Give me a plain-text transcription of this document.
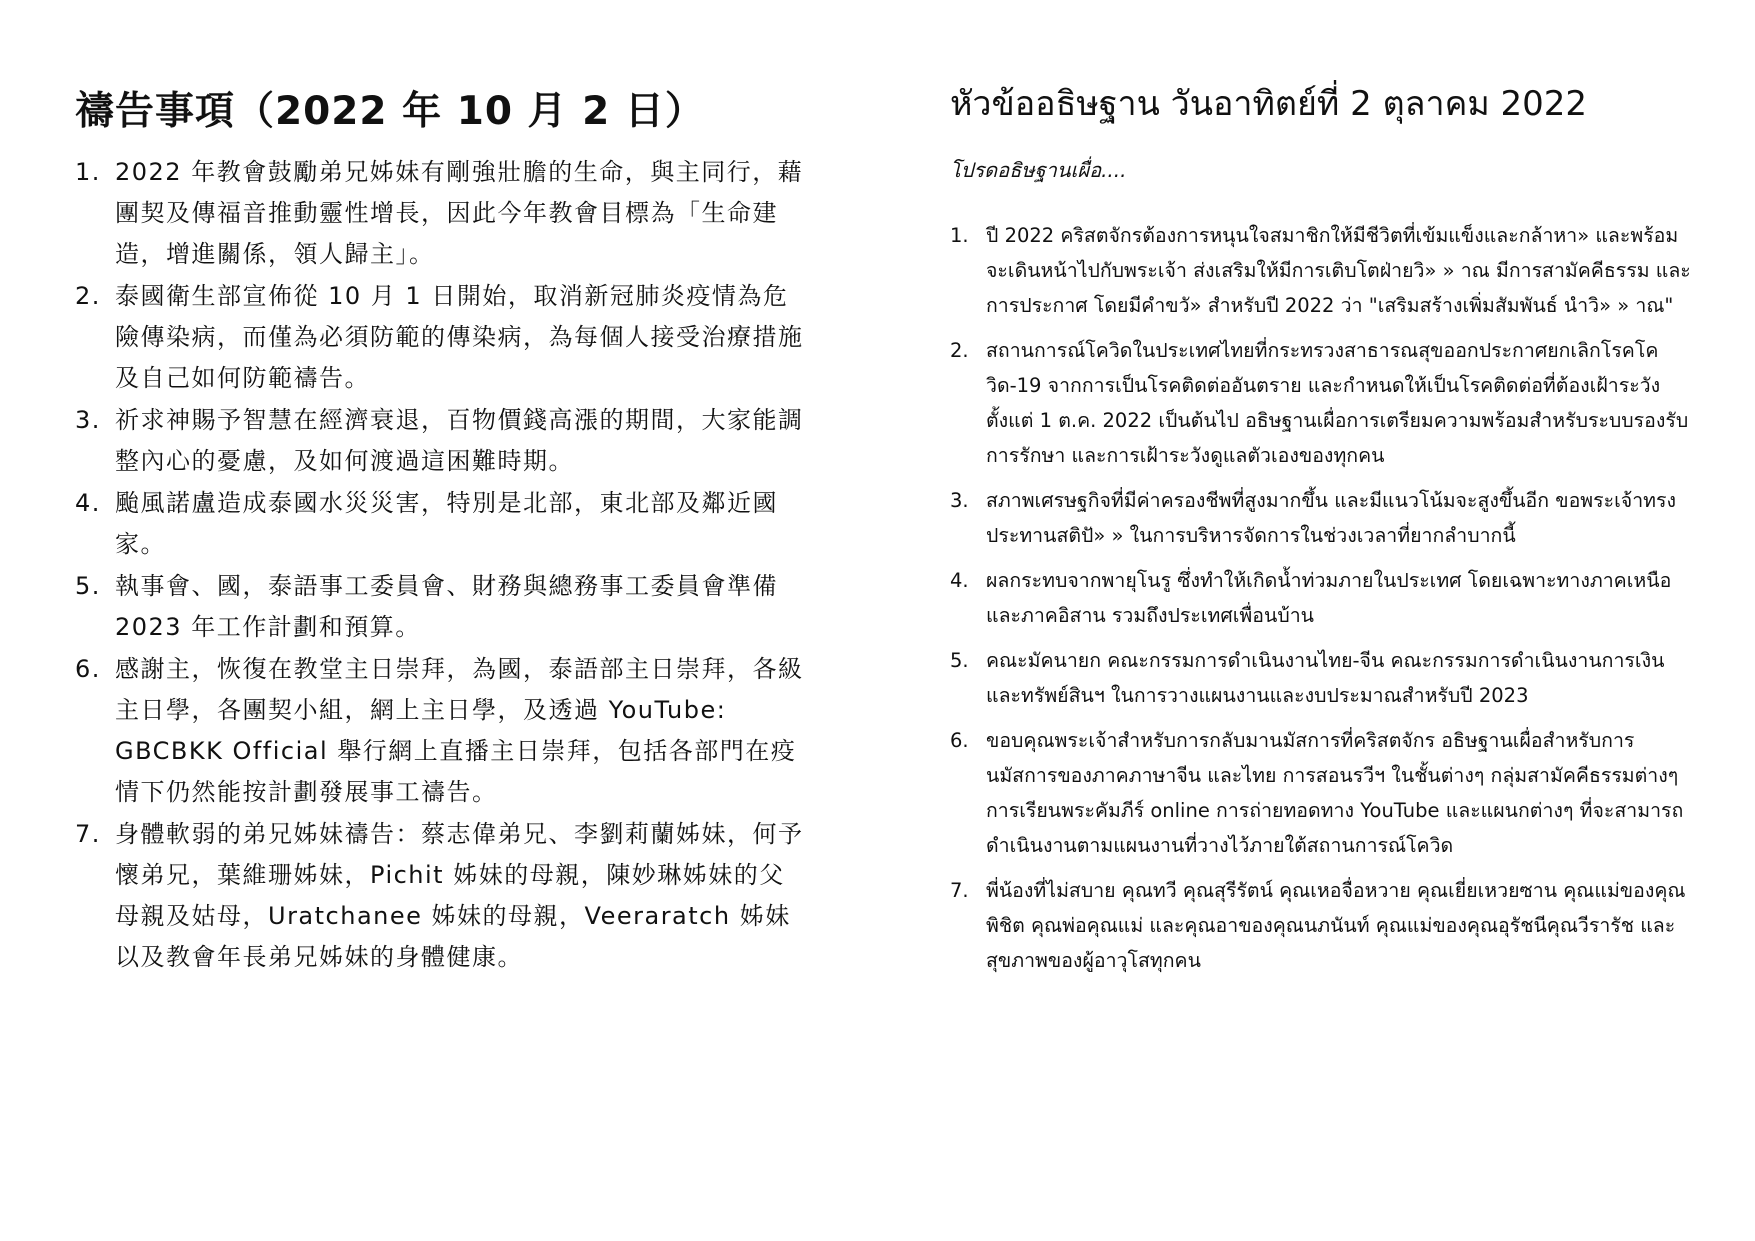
禱告事項（2022 年 10 月 2 日）
1. 2022 年教會鼓勵弟兄姊妹有剛強壯膽的生命，與主同行，藉團契及傳福音推動靈性增長，因此今年教會目標為「生命建造，增進關係，領人歸主」。
2. 泰國衛生部宣佈從 10 月 1 日開始，取消新冠肺炎疫情為危險傳染病，而僅為必須防範的傳染病，為每個人接受治療措施及自己如何防範禱告。
3. 祈求神賜予智慧在經濟衰退，百物價錢高漲的期間，大家能調整內心的憂慮，及如何渡過這困難時期。
4. 颱風諾盧造成泰國水災災害，特別是北部，東北部及鄰近國家。
5. 執事會、國，泰語事工委員會、財務與總務事工委員會準備 2023 年工作計劃和預算。
6. 感謝主，恢復在教堂主日崇拜，為國，泰語部主日崇拜，各級主日學，各團契小組，網上主日學，及透過 YouTube: GBCBKK Official 舉行網上直播主日崇拜，包括各部門在疫情下仍然能按計劃發展事工禱告。
7. 身體軟弱的弟兄姊妹禱告：蔡志偉弟兄、李劉莉蘭姊妹，何予懷弟兄，葉維珊姊妹，Pichit 姊妹的母親，陳妙琳姊妹的父母親及姑母，Uratchanee 姊妹的母親，Veeraratch 姊妹以及教會年長弟兄姊妹的身體健康。
หัวข้ออธิษฐาน วันอาทิตย์ที่ 2 ตุลาคม 2022
โปรดอธิษฐานเผื่อ....
1. ปี 2022 คริสตจักรต้องการหนุนใจสมาชิกให้มีชีวิตที่เข้มแข็งและกล้าหา» และพร้อมจะเดินหน้าไปกับพระเจ้า ส่งเสริมให้มีการเติบโตฝ่ายวิ» » าณ มีการสามัคคีธรรม และการประกาศ โดยมีคำขวั» สำหรับปี 2022 ว่า "เสริมสร้างเพิ่มสัมพันธ์ นำวิ» » าณ"
2. สถานการณ์โควิดในประเทศไทยที่กระทรวงสาธารณสุขออกประกาศยกเลิกโรคโควิด-19 จากการเป็นโรคติดต่ออันตราย และกำหนดให้เป็นโรคติดต่อที่ต้องเฝ้าระวัง ตั้งแต่ 1 ต.ค. 2022 เป็นต้นไป อธิษฐานเผื่อการเตรียมความพร้อมสำหรับระบบรองรับการรักษา และการเฝ้าระวังดูแลตัวเองของทุกคน
3. สภาพเศรษฐกิจที่มีค่าครองชีพที่สูงมากขึ้น และมีแนวโน้มจะสูงขึ้นอีก ขอพระเจ้าทรงประทานสติปั» » ในการบริหารจัดการในช่วงเวลาที่ยากลำบากนี้
4. ผลกระทบจากพายุโนรู ซึ่งทำให้เกิดน้ำท่วมภายในประเทศ โดยเฉพาะทางภาคเหนือ และภาคอิสาน รวมถึงประเทศเพื่อนบ้าน
5. คณะมัคนายก คณะกรรมการดำเนินงานไทย-จีน คณะกรรมการดำเนินงานการเงินและทรัพย์สินฯ ในการวางแผนงานและงบประมาณสำหรับปี 2023
6. ขอบคุณพระเจ้าสำหรับการกลับมานมัสการที่คริสตจักร อธิษฐานเผื่อสำหรับการนมัสการของภาคภาษาจีน และไทย การสอนรวีฯ ในชั้นต่างๆ กลุ่มสามัคคีธรรมต่างๆ การเรียนพระคัมภีร์ online การถ่ายทอดทาง YouTube และแผนกต่างๆ ที่จะสามารถดำเนินงานตามแผนงานที่วางไว้ภายใต้สถานการณ์โควิด
7. พี่น้องที่ไม่สบาย คุณทวี คุณสุรีรัตน์ คุณเหอจื่อหวาย คุณเยี่ยเหวยซาน คุณแม่ของคุณพิชิต คุณพ่อคุณแม่ และคุณอาของคุณนภนันท์ คุณแม่ของคุณอุรัชนีคุณวีรารัช และสุขภาพของผู้อาวุโสทุกคน
